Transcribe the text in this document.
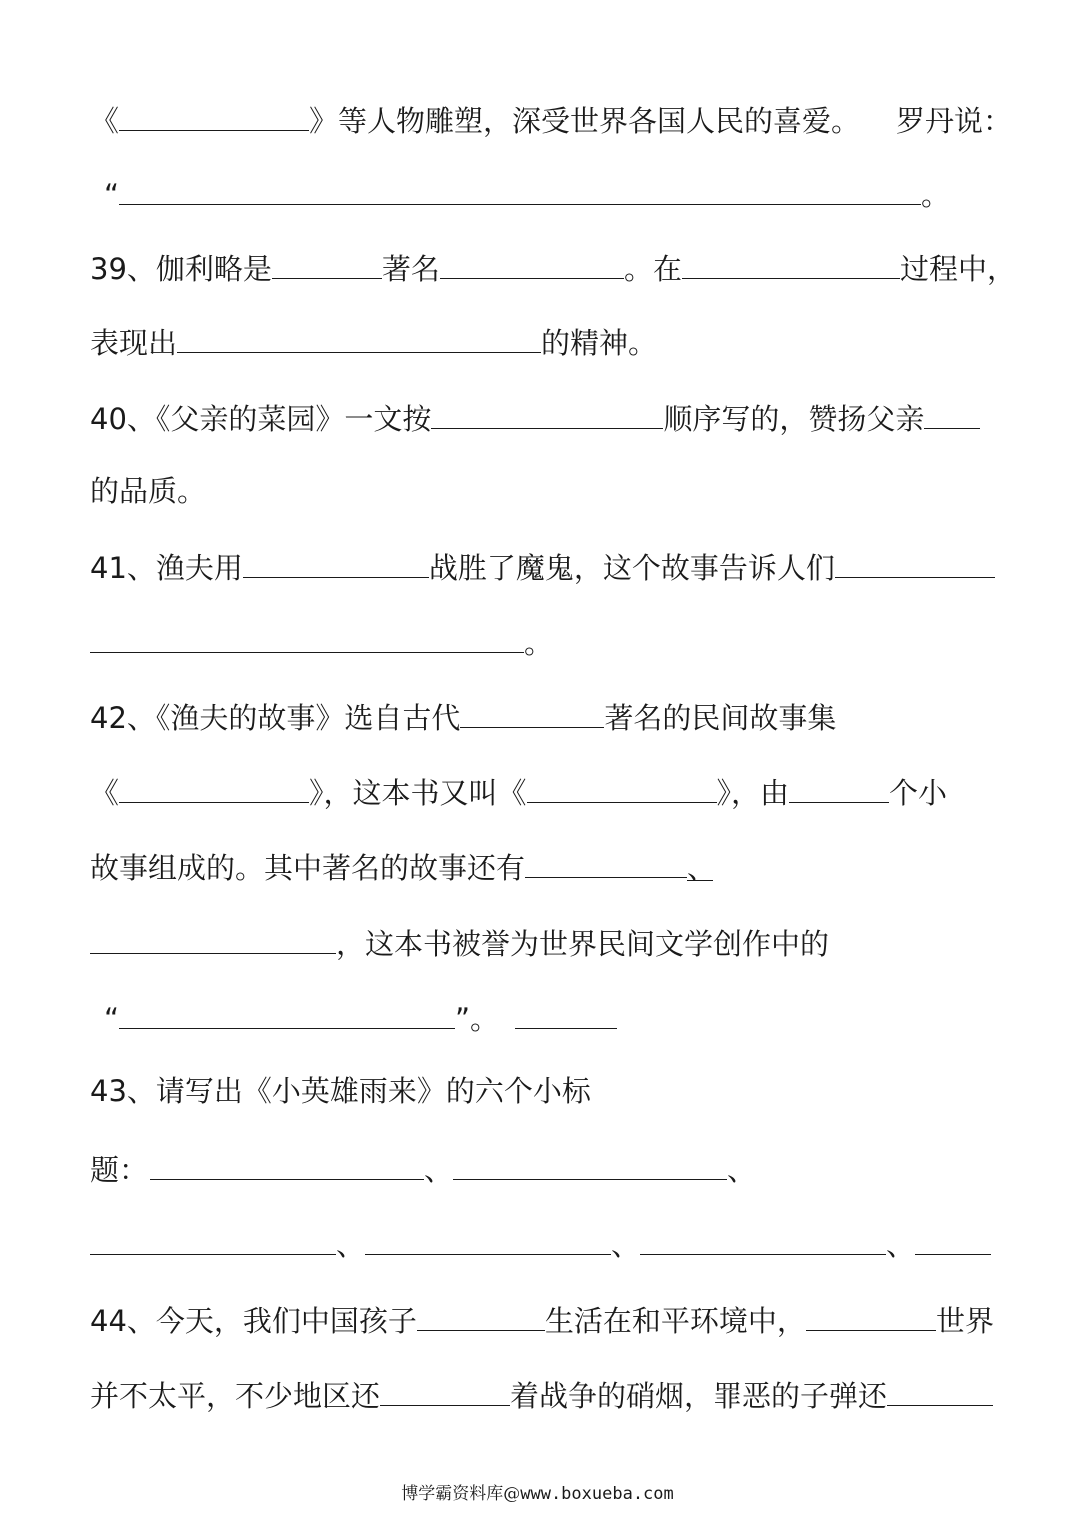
《	》等人物雕塑，深受世界各国人民的喜爱。 罗丹说：
“	。
39、伽利略是	著名	。在	过程中，
表现出	的精神。
40、《父亲的菜园》一文按	顺序写的，赞扬父亲
的品质。
41、渔夫用	战胜了魔鬼，这个故事告诉人们
。
42、《渔夫的故事》选自古代	著名的民间故事集
《	》，这本书又叫《	》，由	个小
故事组成的。其中著名的故事还有	、
，这本书被誉为世界民间文学创作中的
“	”。
43、请写出《小英雄雨来》的六个小标
题：	、	、
、	、	、
44、今天，我们中国孩子	生活在和平环境中，	世界
并不太平，不少地区还	着战争的硝烟，罪恶的子弹还
博学霸资料库@www.boxueba.com
